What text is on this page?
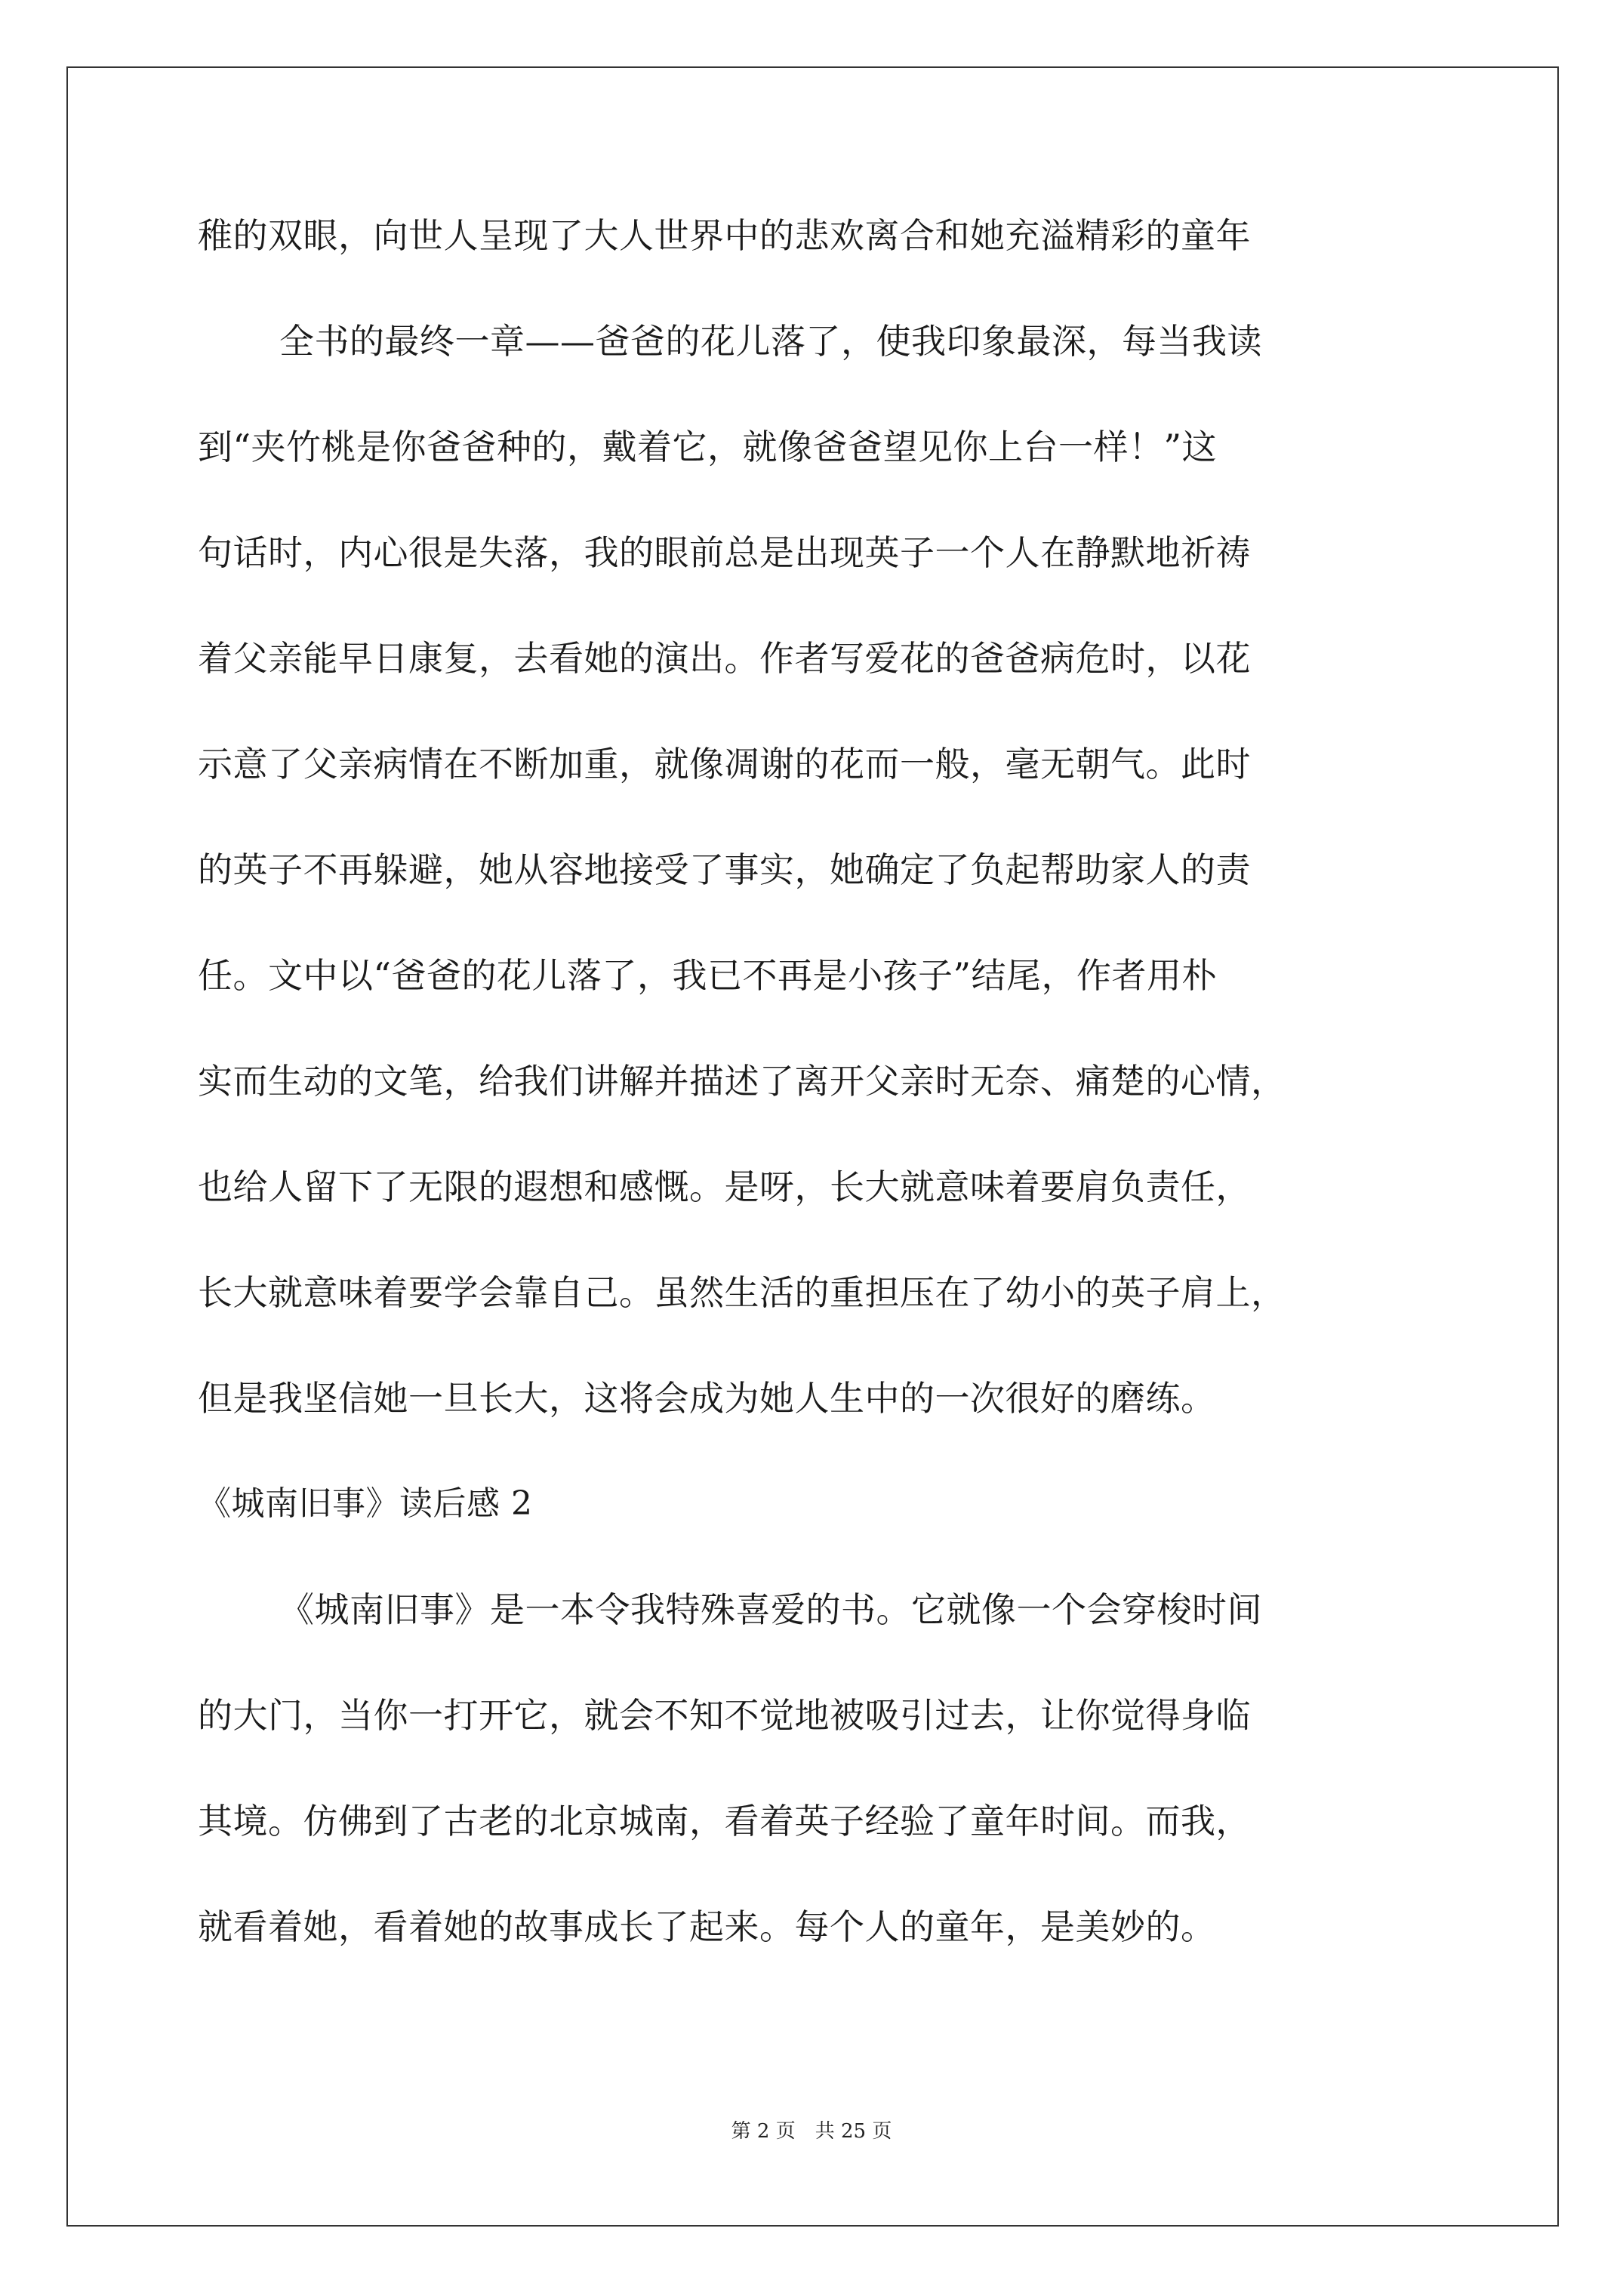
稚的双眼，向世人呈现了大人世界中的悲欢离合和她充溢精彩的童年
全书的最终一章——爸爸的花儿落了，使我印象最深，每当我读
到“夹竹桃是你爸爸种的，戴着它，就像爸爸望见你上台一样！”这
句话时，内心很是失落，我的眼前总是出现英子一个人在静默地祈祷
着父亲能早日康复，去看她的演出。作者写爱花的爸爸病危时，以花
示意了父亲病情在不断加重，就像凋谢的花而一般，毫无朝气。此时
的英子不再躲避，她从容地接受了事实，她确定了负起帮助家人的责
任。文中以“爸爸的花儿落了，我已不再是小孩子”结尾，作者用朴
实而生动的文笔，给我们讲解并描述了离开父亲时无奈、痛楚的心情，
也给人留下了无限的遐想和感慨。是呀，长大就意味着要肩负责任，
长大就意味着要学会靠自己。虽然生活的重担压在了幼小的英子肩上，
但是我坚信她一旦长大，这将会成为她人生中的一次很好的磨练。
《城南旧事》读后感 2
《城南旧事》是一本令我特殊喜爱的书。它就像一个会穿梭时间
的大门，当你一打开它，就会不知不觉地被吸引过去，让你觉得身临
其境。仿佛到了古老的北京城南，看着英子经验了童年时间。而我，
就看着她，看着她的故事成长了起来。每个人的童年，是美妙的。
第 2 页　共 25 页
